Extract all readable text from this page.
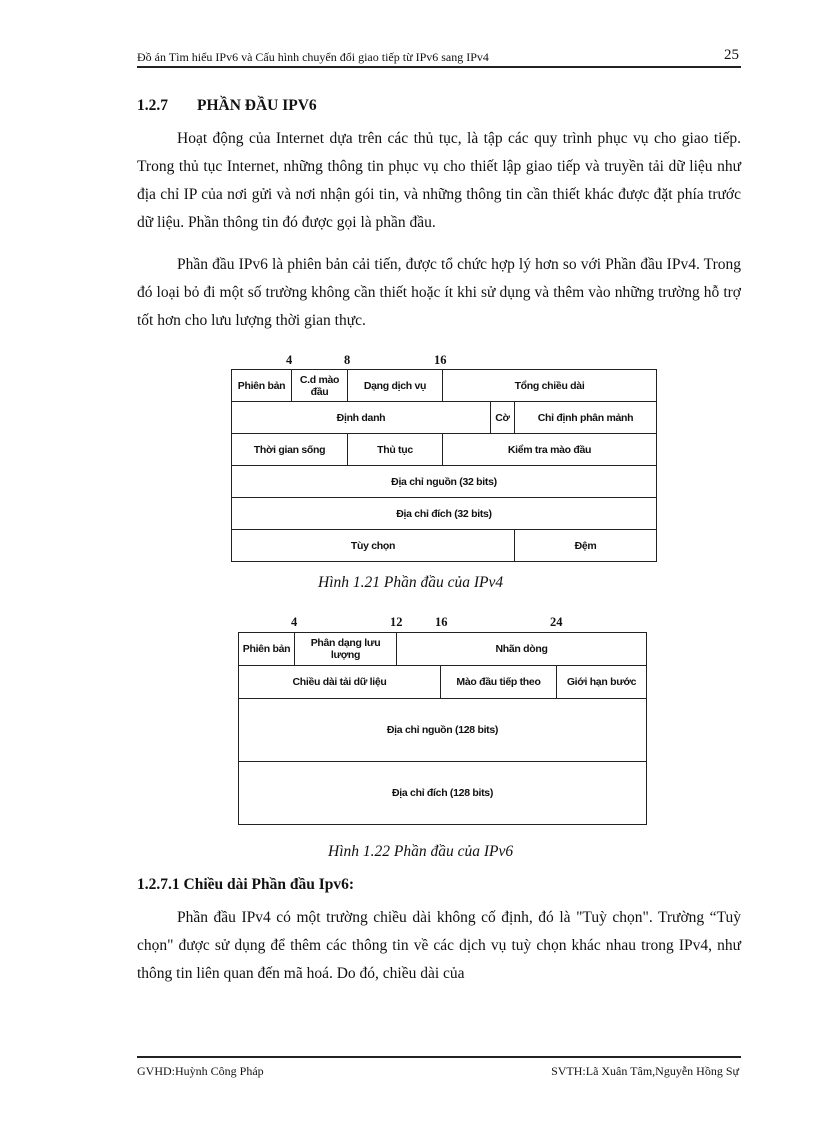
Đồ án Tìm hiểu IPv6 và Cấu hình chuyển đổi giao tiếp từ IPv6 sang IPv4	25
1.2.7 PHẦN ĐẦU IPV6

Hoạt động của Internet dựa trên các thủ tục, là tập các quy trình phục vụ cho giao tiếp. Trong thủ tục Internet, những thông tin phục vụ cho thiết lập giao tiếp và truyền tải dữ liệu như địa chỉ IP của nơi gửi và nơi nhận gói tin, và những thông tin cần thiết khác được đặt phía trước dữ liệu. Phần thông tin đó được gọi là phần đầu.

Phần đầu IPv6 là phiên bản cải tiến, được tổ chức hợp lý hơn so với Phần đầu IPv4. Trong đó loại bỏ đi một số trường không cần thiết hoặc ít khi sử dụng và thêm vào những trường hỗ trợ tốt hơn cho lưu lượng thời gian thực.

4	8	16
Phiên bản	C.d mào đầu	Dạng dịch vụ	Tổng chiều dài		
Định danh				Cờ	Chỉ định phân mảnh
Thời gian sống		Thủ tục	Kiểm tra mào đầu		
Địa chỉ nguồn (32 bits)					
Địa chỉ đích (32 bits)					
Tùy chọn					Đệm
Hình 1.21 Phần đầu của IPv4
4	12	16	24
Phiên bản	Phân dạng lưu lượng	Nhãn dòng		
Chiều dài tải dữ liệu			Mào đầu tiếp theo	Giới hạn bước
Địa chỉ nguồn (128 bits)				
Địa chỉ đích (128 bits)				
Hình 1.22 Phần đầu của IPv6
1.2.7.1 Chiều dài Phần đầu Ipv6:

Phần đầu IPv4 có một trường chiều dài không cố định, đó là "Tuỳ chọn". Trường “Tuỳ chọn" được sử dụng để thêm các thông tin về các dịch vụ tuỳ chọn khác nhau trong IPv4, như thông tin liên quan đến mã hoá. Do đó, chiều dài của

GVHD:Huỳnh Công Pháp	SVTH:Lã Xuân Tâm,Nguyễn Hồng Sự
